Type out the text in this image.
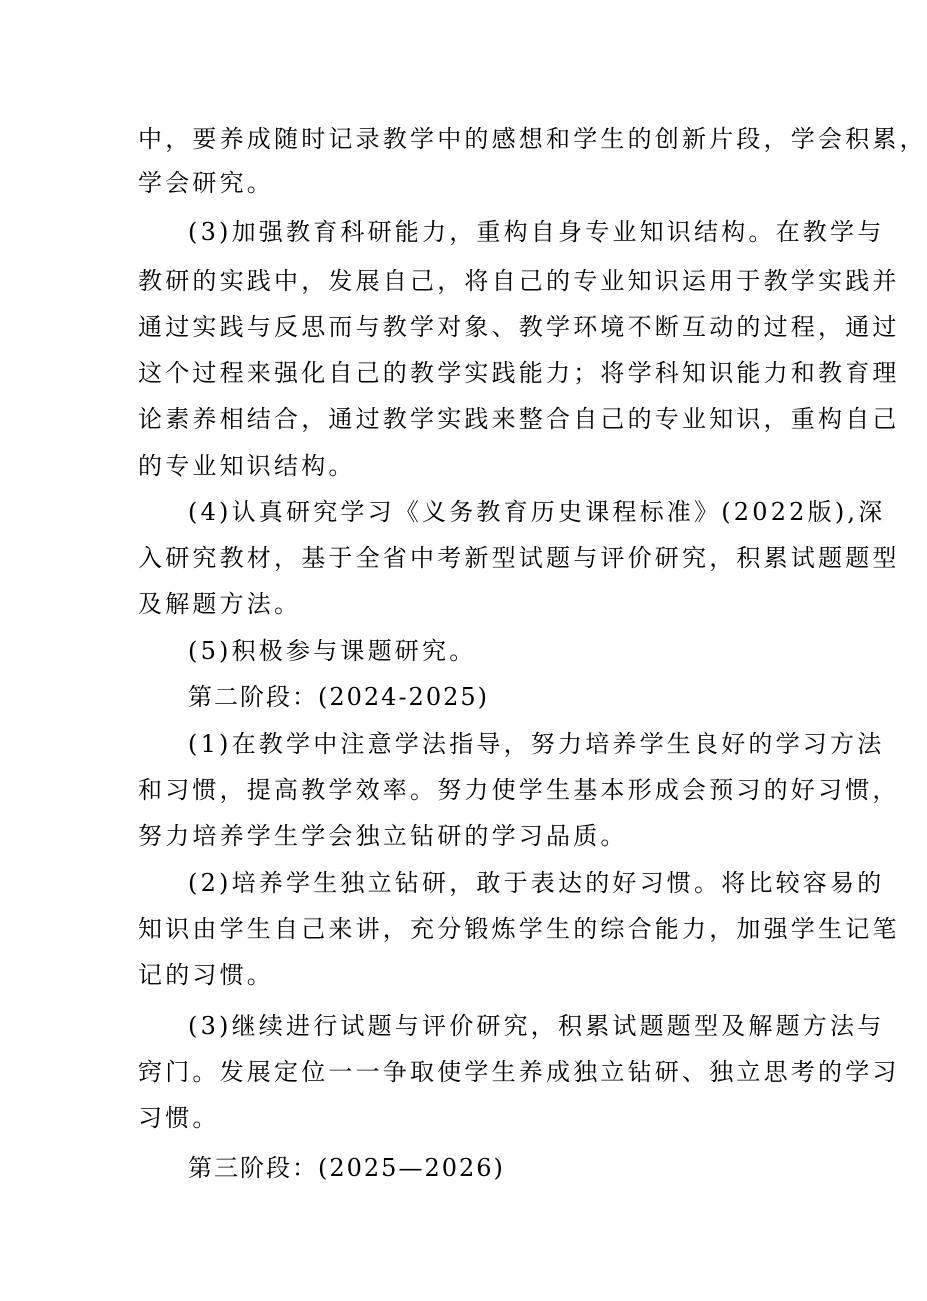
中，要养成随时记录教学中的感想和学生的创新片段，学会积累，
学会研究。
(3)加强教育科研能力，重构自身专业知识结构。在教学与
教研的实践中，发展自己，将自己的专业知识运用于教学实践并
通过实践与反思而与教学对象、教学环境不断互动的过程，通过
这个过程来强化自己的教学实践能力；将学科知识能力和教育理
论素养相结合，通过教学实践来整合自己的专业知识，重构自己
的专业知识结构。
(4)认真研究学习《义务教育历史课程标准》(2022版),深
入研究教材，基于全省中考新型试题与评价研究，积累试题题型
及解题方法。
(5)积极参与课题研究。
第二阶段：(2024-2025)
(1)在教学中注意学法指导，努力培养学生良好的学习方法
和习惯，提高教学效率。努力使学生基本形成会预习的好习惯，
努力培养学生学会独立钻研的学习品质。
(2)培养学生独立钻研，敢于表达的好习惯。将比较容易的
知识由学生自己来讲，充分锻炼学生的综合能力，加强学生记笔
记的习惯。
(3)继续进行试题与评价研究，积累试题题型及解题方法与
窍门。发展定位一一争取使学生养成独立钻研、独立思考的学习
习惯。
第三阶段：(2025—2026)
